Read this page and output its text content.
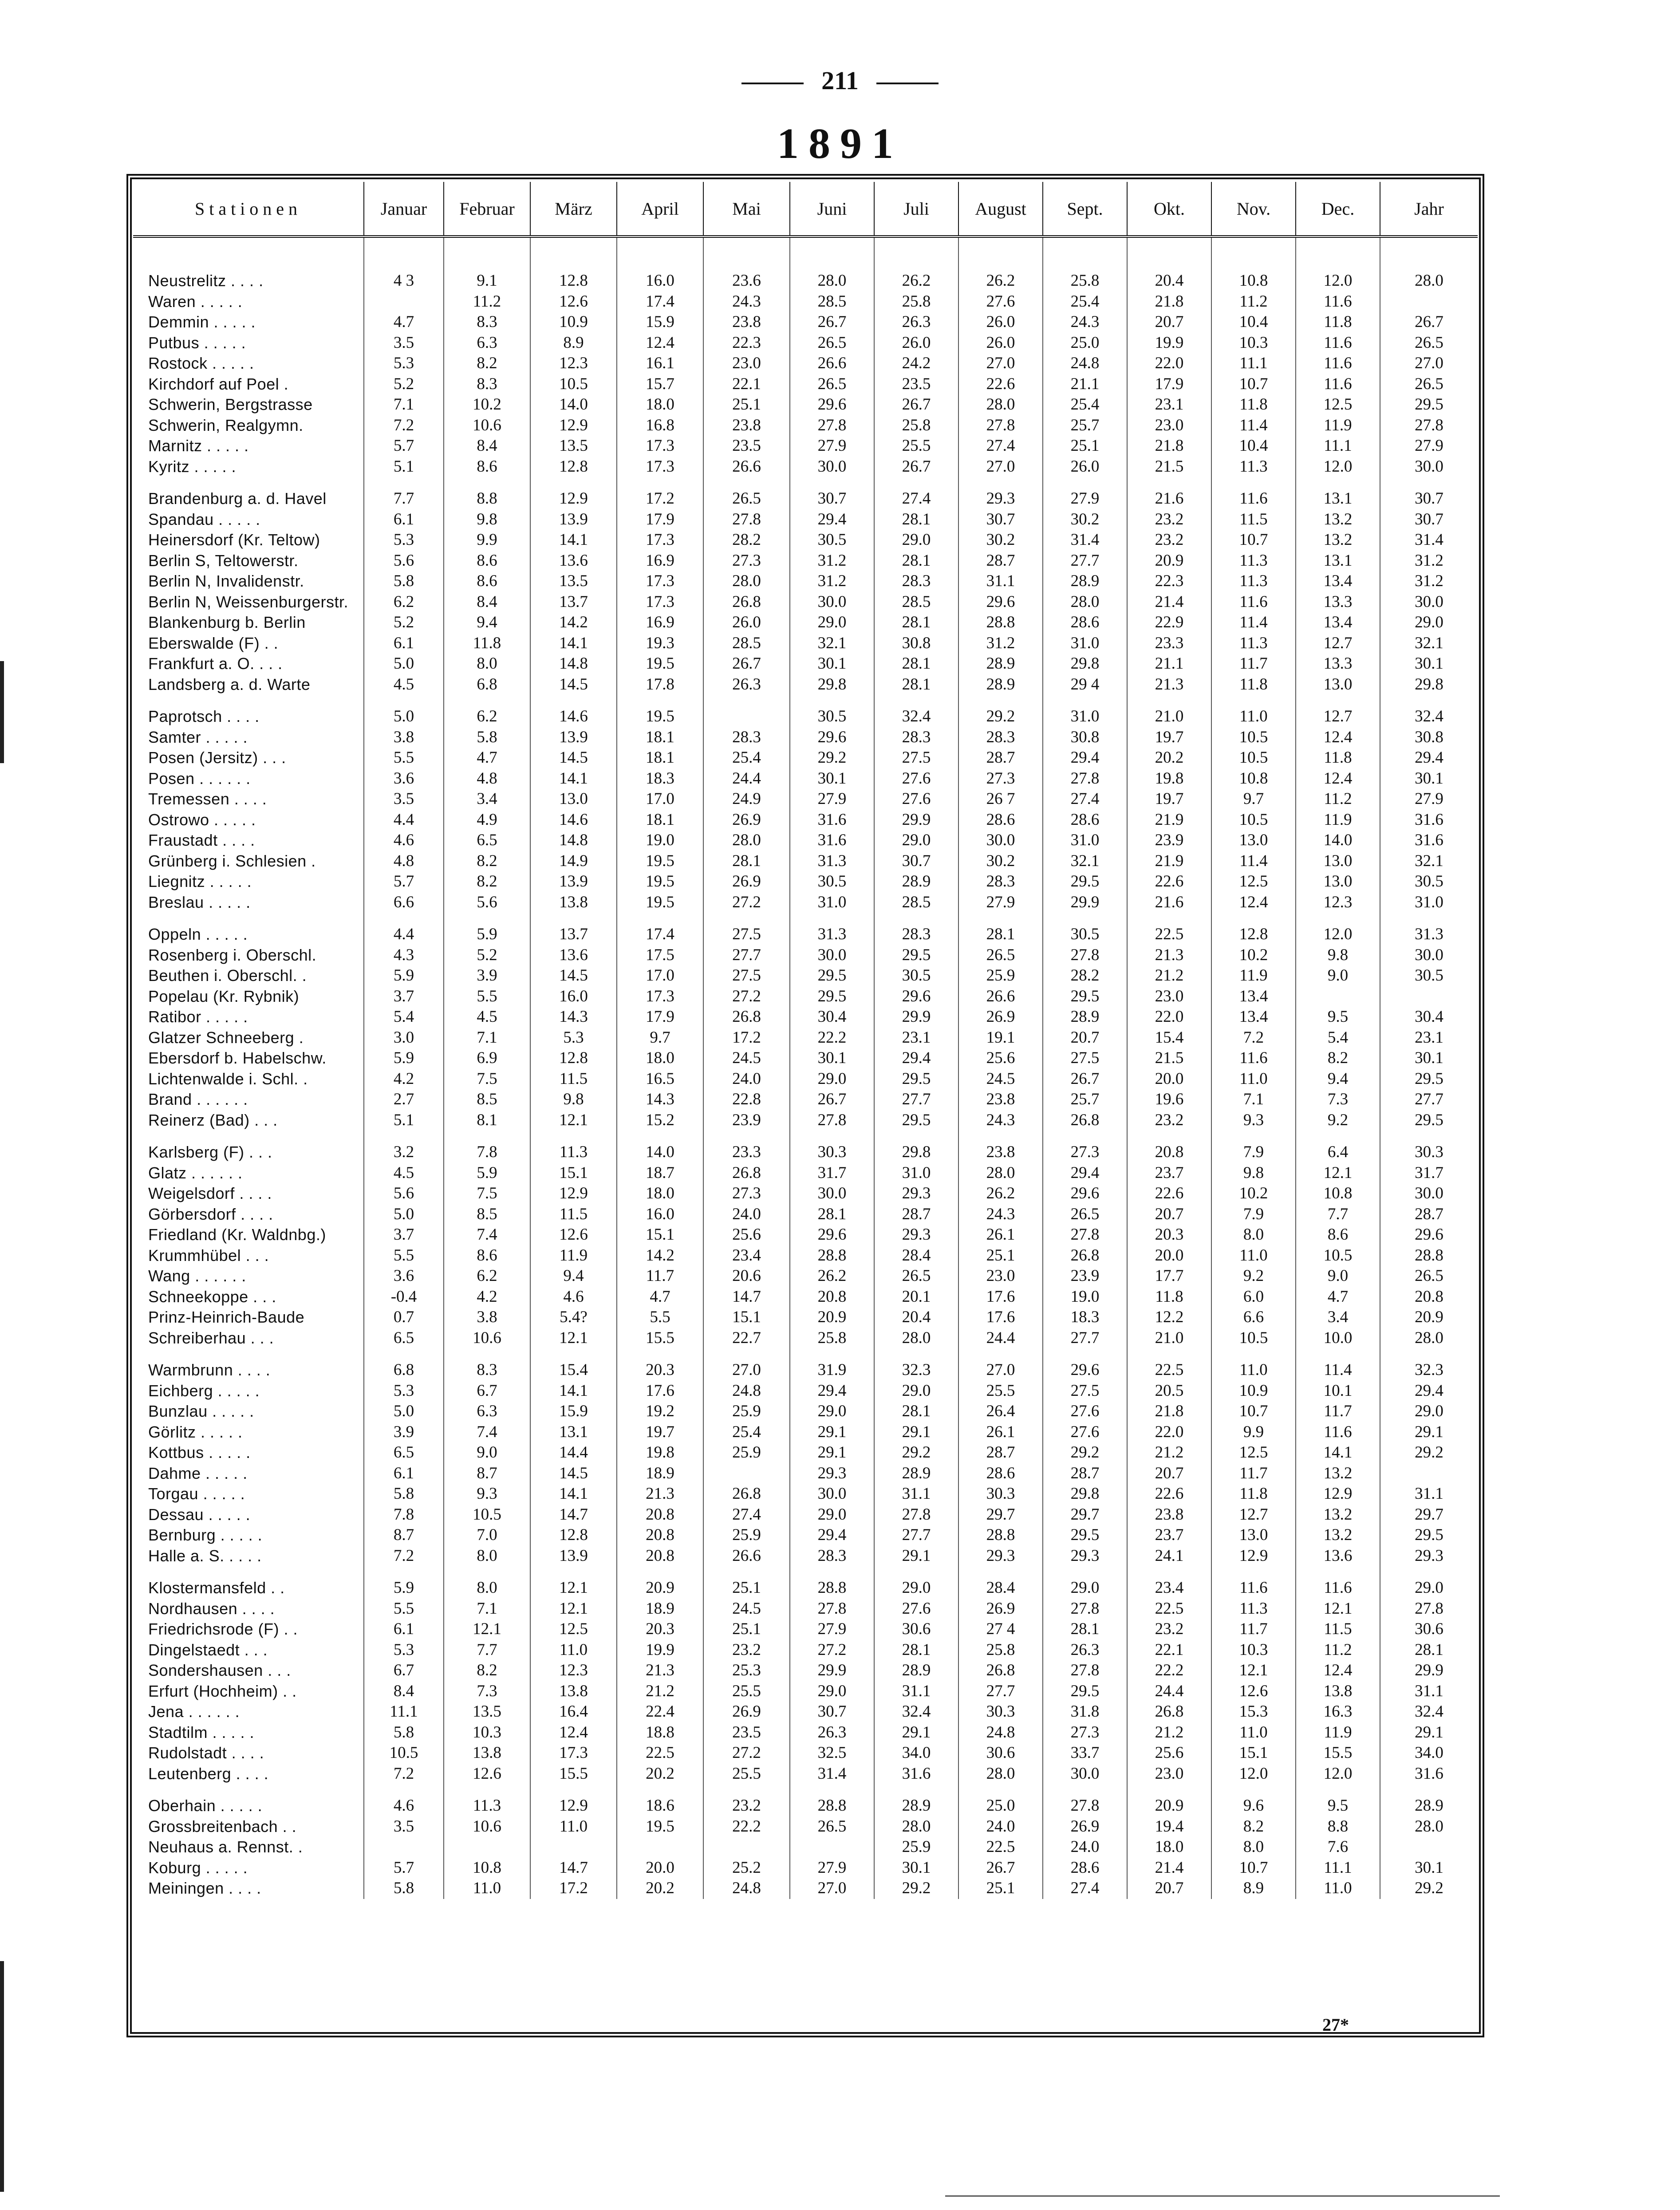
211
1891
Stationen	Januar	Februar	März	April	Mai	Juni	Juli	August	Sept.	Okt.	Nov.	Dec.	Jahr
Neustrelitz . . . .	4 3	9.1	12.8	16.0	23.6	28.0	26.2	26.2	25.8	20.4	10.8	12.0	28.0
Waren . . . . .		11.2	12.6	17.4	24.3	28.5	25.8	27.6	25.4	21.8	11.2	11.6	
Demmin . . . . .	4.7	8.3	10.9	15.9	23.8	26.7	26.3	26.0	24.3	20.7	10.4	11.8	26.7
Putbus . . . . .	3.5	6.3	8.9	12.4	22.3	26.5	26.0	26.0	25.0	19.9	10.3	11.6	26.5
Rostock . . . . .	5.3	8.2	12.3	16.1	23.0	26.6	24.2	27.0	24.8	22.0	11.1	11.6	27.0
Kirchdorf auf Poel .	5.2	8.3	10.5	15.7	22.1	26.5	23.5	22.6	21.1	17.9	10.7	11.6	26.5
Schwerin, Bergstrasse	7.1	10.2	14.0	18.0	25.1	29.6	26.7	28.0	25.4	23.1	11.8	12.5	29.5
Schwerin, Realgymn.	7.2	10.6	12.9	16.8	23.8	27.8	25.8	27.8	25.7	23.0	11.4	11.9	27.8
Marnitz . . . . .	5.7	8.4	13.5	17.3	23.5	27.9	25.5	27.4	25.1	21.8	10.4	11.1	27.9
Kyritz . . . . .	5.1	8.6	12.8	17.3	26.6	30.0	26.7	27.0	26.0	21.5	11.3	12.0	30.0
Brandenburg a. d. Havel	7.7	8.8	12.9	17.2	26.5	30.7	27.4	29.3	27.9	21.6	11.6	13.1	30.7
Spandau . . . . .	6.1	9.8	13.9	17.9	27.8	29.4	28.1	30.7	30.2	23.2	11.5	13.2	30.7
Heinersdorf (Kr. Teltow)	5.3	9.9	14.1	17.3	28.2	30.5	29.0	30.2	31.4	23.2	10.7	13.2	31.4
Berlin S, Teltowerstr.	5.6	8.6	13.6	16.9	27.3	31.2	28.1	28.7	27.7	20.9	11.3	13.1	31.2
Berlin N, Invalidenstr.	5.8	8.6	13.5	17.3	28.0	31.2	28.3	31.1	28.9	22.3	11.3	13.4	31.2
Berlin N, Weissenburgerstr.	6.2	8.4	13.7	17.3	26.8	30.0	28.5	29.6	28.0	21.4	11.6	13.3	30.0
Blankenburg b. Berlin	5.2	9.4	14.2	16.9	26.0	29.0	28.1	28.8	28.6	22.9	11.4	13.4	29.0
Eberswalde (F) . .	6.1	11.8	14.1	19.3	28.5	32.1	30.8	31.2	31.0	23.3	11.3	12.7	32.1
Frankfurt a. O. . . .	5.0	8.0	14.8	19.5	26.7	30.1	28.1	28.9	29.8	21.1	11.7	13.3	30.1
Landsberg a. d. Warte	4.5	6.8	14.5	17.8	26.3	29.8	28.1	28.9	29 4	21.3	11.8	13.0	29.8
Paprotsch . . . .	5.0	6.2	14.6	19.5		30.5	32.4	29.2	31.0	21.0	11.0	12.7	32.4
Samter . . . . .	3.8	5.8	13.9	18.1	28.3	29.6	28.3	28.3	30.8	19.7	10.5	12.4	30.8
Posen (Jersitz) . . .	5.5	4.7	14.5	18.1	25.4	29.2	27.5	28.7	29.4	20.2	10.5	11.8	29.4
Posen . . . . . .	3.6	4.8	14.1	18.3	24.4	30.1	27.6	27.3	27.8	19.8	10.8	12.4	30.1
Tremessen . . . .	3.5	3.4	13.0	17.0	24.9	27.9	27.6	26 7	27.4	19.7	9.7	11.2	27.9
Ostrowo . . . . .	4.4	4.9	14.6	18.1	26.9	31.6	29.9	28.6	28.6	21.9	10.5	11.9	31.6
Fraustadt . . . .	4.6	6.5	14.8	19.0	28.0	31.6	29.0	30.0	31.0	23.9	13.0	14.0	31.6
Grünberg i. Schlesien .	4.8	8.2	14.9	19.5	28.1	31.3	30.7	30.2	32.1	21.9	11.4	13.0	32.1
Liegnitz . . . . .	5.7	8.2	13.9	19.5	26.9	30.5	28.9	28.3	29.5	22.6	12.5	13.0	30.5
Breslau . . . . .	6.6	5.6	13.8	19.5	27.2	31.0	28.5	27.9	29.9	21.6	12.4	12.3	31.0
Oppeln . . . . .	4.4	5.9	13.7	17.4	27.5	31.3	28.3	28.1	30.5	22.5	12.8	12.0	31.3
Rosenberg i. Oberschl.	4.3	5.2	13.6	17.5	27.7	30.0	29.5	26.5	27.8	21.3	10.2	9.8	30.0
Beuthen i. Oberschl. .	5.9	3.9	14.5	17.0	27.5	29.5	30.5	25.9	28.2	21.2	11.9	9.0	30.5
Popelau (Kr. Rybnik)	3.7	5.5	16.0	17.3	27.2	29.5	29.6	26.6	29.5	23.0	13.4		
Ratibor . . . . .	5.4	4.5	14.3	17.9	26.8	30.4	29.9	26.9	28.9	22.0	13.4	9.5	30.4
Glatzer Schneeberg .	3.0	7.1	5.3	9.7	17.2	22.2	23.1	19.1	20.7	15.4	7.2	5.4	23.1
Ebersdorf b. Habelschw.	5.9	6.9	12.8	18.0	24.5	30.1	29.4	25.6	27.5	21.5	11.6	8.2	30.1
Lichtenwalde i. Schl. .	4.2	7.5	11.5	16.5	24.0	29.0	29.5	24.5	26.7	20.0	11.0	9.4	29.5
Brand . . . . . .	2.7	8.5	9.8	14.3	22.8	26.7	27.7	23.8	25.7	19.6	7.1	7.3	27.7
Reinerz (Bad) . . .	5.1	8.1	12.1	15.2	23.9	27.8	29.5	24.3	26.8	23.2	9.3	9.2	29.5
Karlsberg (F) . . .	3.2	7.8	11.3	14.0	23.3	30.3	29.8	23.8	27.3	20.8	7.9	6.4	30.3
Glatz . . . . . .	4.5	5.9	15.1	18.7	26.8	31.7	31.0	28.0	29.4	23.7	9.8	12.1	31.7
Weigelsdorf . . . .	5.6	7.5	12.9	18.0	27.3	30.0	29.3	26.2	29.6	22.6	10.2	10.8	30.0
Görbersdorf . . . .	5.0	8.5	11.5	16.0	24.0	28.1	28.7	24.3	26.5	20.7	7.9	7.7	28.7
Friedland (Kr. Waldnbg.)	3.7	7.4	12.6	15.1	25.6	29.6	29.3	26.1	27.8	20.3	8.0	8.6	29.6
Krummhübel . . .	5.5	8.6	11.9	14.2	23.4	28.8	28.4	25.1	26.8	20.0	11.0	10.5	28.8
Wang . . . . . .	3.6	6.2	9.4	11.7	20.6	26.2	26.5	23.0	23.9	17.7	9.2	9.0	26.5
Schneekoppe . . .	-0.4	4.2	4.6	4.7	14.7	20.8	20.1	17.6	19.0	11.8	6.0	4.7	20.8
Prinz-Heinrich-Baude	0.7	3.8	5.4?	5.5	15.1	20.9	20.4	17.6	18.3	12.2	6.6	3.4	20.9
Schreiberhau . . .	6.5	10.6	12.1	15.5	22.7	25.8	28.0	24.4	27.7	21.0	10.5	10.0	28.0
Warmbrunn . . . .	6.8	8.3	15.4	20.3	27.0	31.9	32.3	27.0	29.6	22.5	11.0	11.4	32.3
Eichberg . . . . .	5.3	6.7	14.1	17.6	24.8	29.4	29.0	25.5	27.5	20.5	10.9	10.1	29.4
Bunzlau . . . . .	5.0	6.3	15.9	19.2	25.9	29.0	28.1	26.4	27.6	21.8	10.7	11.7	29.0
Görlitz . . . . .	3.9	7.4	13.1	19.7	25.4	29.1	29.1	26.1	27.6	22.0	9.9	11.6	29.1
Kottbus . . . . .	6.5	9.0	14.4	19.8	25.9	29.1	29.2	28.7	29.2	21.2	12.5	14.1	29.2
Dahme . . . . .	6.1	8.7	14.5	18.9		29.3	28.9	28.6	28.7	20.7	11.7	13.2	
Torgau . . . . .	5.8	9.3	14.1	21.3	26.8	30.0	31.1	30.3	29.8	22.6	11.8	12.9	31.1
Dessau . . . . .	7.8	10.5	14.7	20.8	27.4	29.0	27.8	29.7	29.7	23.8	12.7	13.2	29.7
Bernburg . . . . .	8.7	7.0	12.8	20.8	25.9	29.4	27.7	28.8	29.5	23.7	13.0	13.2	29.5
Halle a. S. . . . .	7.2	8.0	13.9	20.8	26.6	28.3	29.1	29.3	29.3	24.1	12.9	13.6	29.3
Klostermansfeld . .	5.9	8.0	12.1	20.9	25.1	28.8	29.0	28.4	29.0	23.4	11.6	11.6	29.0
Nordhausen . . . .	5.5	7.1	12.1	18.9	24.5	27.8	27.6	26.9	27.8	22.5	11.3	12.1	27.8
Friedrichsrode (F) . .	6.1	12.1	12.5	20.3	25.1	27.9	30.6	27 4	28.1	23.2	11.7	11.5	30.6
Dingelstaedt . . .	5.3	7.7	11.0	19.9	23.2	27.2	28.1	25.8	26.3	22.1	10.3	11.2	28.1
Sondershausen . . .	6.7	8.2	12.3	21.3	25.3	29.9	28.9	26.8	27.8	22.2	12.1	12.4	29.9
Erfurt (Hochheim) . .	8.4	7.3	13.8	21.2	25.5	29.0	31.1	27.7	29.5	24.4	12.6	13.8	31.1
Jena . . . . . .	11.1	13.5	16.4	22.4	26.9	30.7	32.4	30.3	31.8	26.8	15.3	16.3	32.4
Stadtilm . . . . .	5.8	10.3	12.4	18.8	23.5	26.3	29.1	24.8	27.3	21.2	11.0	11.9	29.1
Rudolstadt . . . .	10.5	13.8	17.3	22.5	27.2	32.5	34.0	30.6	33.7	25.6	15.1	15.5	34.0
Leutenberg . . . .	7.2	12.6	15.5	20.2	25.5	31.4	31.6	28.0	30.0	23.0	12.0	12.0	31.6
Oberhain . . . . .	4.6	11.3	12.9	18.6	23.2	28.8	28.9	25.0	27.8	20.9	9.6	9.5	28.9
Grossbreitenbach . .	3.5	10.6	11.0	19.5	22.2	26.5	28.0	24.0	26.9	19.4	8.2	8.8	28.0
Neuhaus a. Rennst. .							25.9	22.5	24.0	18.0	8.0	7.6	
Koburg . . . . .	5.7	10.8	14.7	20.0	25.2	27.9	30.1	26.7	28.6	21.4	10.7	11.1	30.1
Meiningen . . . .	5.8	11.0	17.2	20.2	24.8	27.0	29.2	25.1	27.4	20.7	8.9	11.0	29.2
27*
